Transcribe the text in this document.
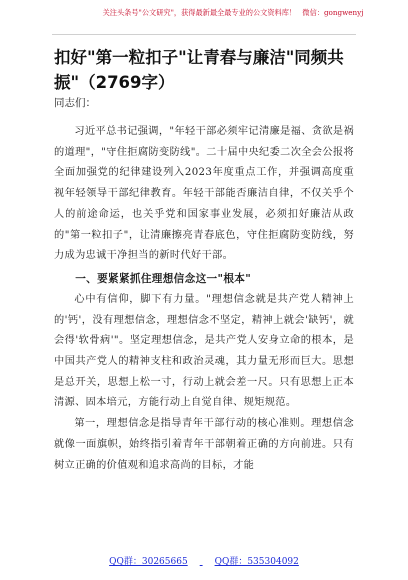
关注头条号"公文研究"，获得最新最全最专业的公文资料库！ 微信：gongwenyj
扣好"第一粒扣子"让青春与廉洁"同频共振"（2769字）
同志们：

习近平总书记强调，"年轻干部必须牢记清廉是福、贪欲是祸的道理"，"守住拒腐防变防线"。二十届中央纪委二次全会公报将全面加强党的纪律建设列入2023年度重点工作，并强调高度重视年轻领导干部纪律教育。年轻干部能否廉洁自律，不仅关乎个人的前途命运，也关乎党和国家事业发展，必须扣好廉洁从政的"第一粒扣子"，让清廉擦亮青春底色，守住拒腐防变防线，努力成为忠诚干净担当的新时代好干部。

一、要紧紧抓住理想信念这一"根本"

心中有信仰，脚下有力量。"理想信念就是共产党人精神上的'钙'，没有理想信念，理想信念不坚定，精神上就会'缺钙'，就会得'软骨病'"。坚定理想信念，是共产党人安身立命的根本，是中国共产党人的精神支柱和政治灵魂，其力量无形而巨大。思想是总开关，思想上松一寸，行动上就会差一尺。只有思想上正本清源、固本培元，方能行动上自觉自律、规矩规范。

第一，理想信念是指导青年干部行动的核心准则。理想信念就像一面旗帜，始终指引着青年干部朝着正确的方向前进。只有树立正确的价值观和追求高尚的目标，才能

QQ群：30265665	QQ群：535304092
